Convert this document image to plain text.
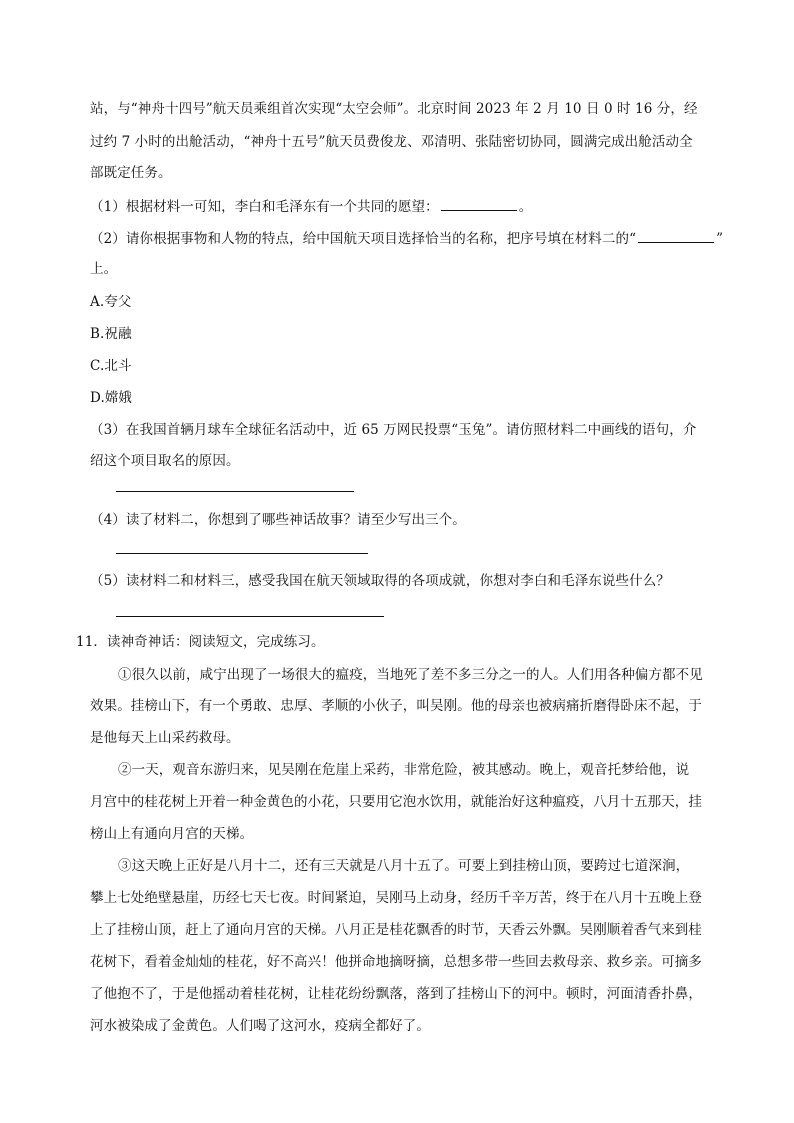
站，与“神舟十四号”航天员乘组首次实现“太空会师”。北京时间 2023 年 2 月 10 日 0 时 16 分，经
过约 7 小时的出舱活动，“神舟十五号”航天员费俊龙、邓清明、张陆密切协同，圆满完成出舱活动全
部既定任务。
（1）根据材料一可知，李白和毛泽东有一个共同的愿望：	。
（2）请你根据事物和人物的特点，给中国航天项目选择恰当的名称，把序号填在材料二的“	”
上。
A.夸父
B.祝融
C.北斗
D.嫦娥
（3）在我国首辆月球车全球征名活动中，近 65 万网民投票“玉兔”。请仿照材料二中画线的语句，介
绍这个项目取名的原因。
（4）读了材料二，你想到了哪些神话故事？请至少写出三个。
（5）读材料二和材料三，感受我国在航天领域取得的各项成就，你想对李白和毛泽东说些什么？
11．读神奇神话：阅读短文，完成练习。
①很久以前，咸宁出现了一场很大的瘟疫，当地死了差不多三分之一的人。人们用各种偏方都不见
效果。挂榜山下，有一个勇敢、忠厚、孝顺的小伙子，叫吴刚。他的母亲也被病痛折磨得卧床不起，于
是他每天上山采药救母。
②一天，观音东游归来，见吴刚在危崖上采药，非常危险，被其感动。晚上，观音托梦给他，说
月宫中的桂花树上开着一种金黄色的小花，只要用它泡水饮用，就能治好这种瘟疫，八月十五那天，挂
榜山上有通向月宫的天梯。
③这天晚上正好是八月十二，还有三天就是八月十五了。可要上到挂榜山顶，要跨过七道深涧，
攀上七处绝壁悬崖，历经七天七夜。时间紧迫，吴刚马上动身，经历千辛万苦，终于在八月十五晚上登
上了挂榜山顶，赶上了通向月宫的天梯。八月正是桂花飘香的时节，天香云外飘。吴刚顺着香气来到桂
花树下，看着金灿灿的桂花，好不高兴！他拼命地摘呀摘，总想多带一些回去救母亲、救乡亲。可摘多
了他抱不了，于是他摇动着桂花树，让桂花纷纷飘落，落到了挂榜山下的河中。顿时，河面清香扑鼻，
河水被染成了金黄色。人们喝了这河水，疫病全都好了。
